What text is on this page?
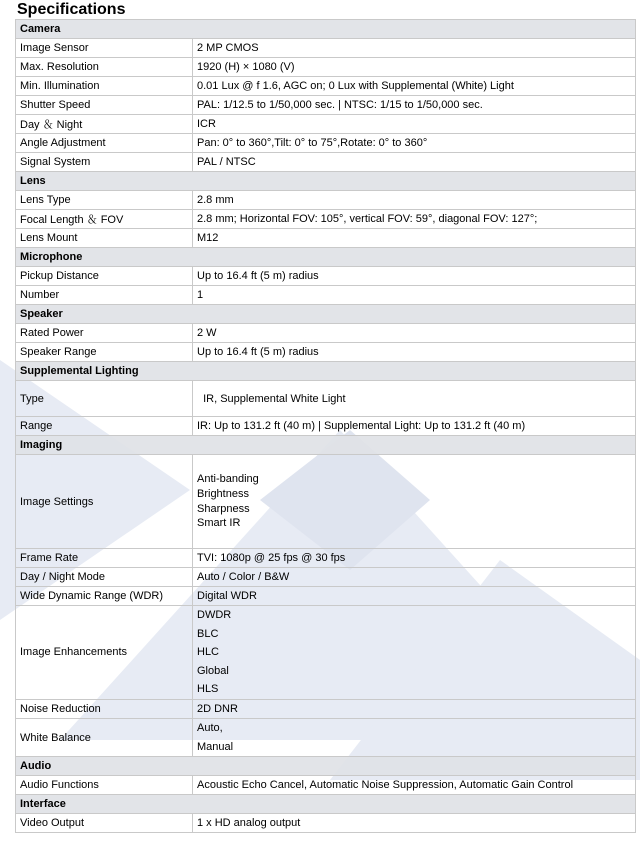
Specifications
Camera	
Image Sensor	2 MP CMOS
Max. Resolution	1920 (H) × 1080 (V)
Min. Illumination	0.01 Lux @ f 1.6, AGC on; 0 Lux with Supplemental (White) Light
Shutter Speed	PAL: 1/12.5 to 1/50,000 sec. | NTSC: 1/15 to 1/50,000 sec.
Day ＆ Night	ICR
Angle Adjustment	Pan: 0° to 360°,Tilt: 0° to 75°,Rotate: 0° to 360°
Signal System	PAL / NTSC
Lens	
Lens Type	2.8 mm
Focal Length ＆ FOV	2.8 mm; Horizontal FOV: 105°, vertical FOV: 59°, diagonal FOV: 127°;
Lens Mount	M12
Microphone	
Pickup Distance	Up to 16.4 ft (5 m) radius
Number	1
Speaker	
Rated Power	2 W
Speaker Range	Up to 16.4 ft (5 m) radius
Supplemental Lighting	
Type	IR, Supplemental White Light
Range	IR: Up to 131.2 ft (40 m) | Supplemental Light: Up to 131.2 ft (40 m)
Imaging	
Image Settings	Anti-banding
Brightness
Sharpness
Smart IR

Frame Rate	TVI: 1080p @ 25 fps @ 30 fps
Day / Night Mode	Auto / Color / B&W
Wide Dynamic Range (WDR)	Digital WDR
Image Enhancements	DWDR
BLC
HLC
Global
HLS

Noise Reduction	2D DNR
White Balance	Auto,
Manual

Audio	
Audio Functions	Acoustic Echo Cancel, Automatic Noise Suppression, Automatic Gain Control
Interface	
Video Output	1 x HD analog output
